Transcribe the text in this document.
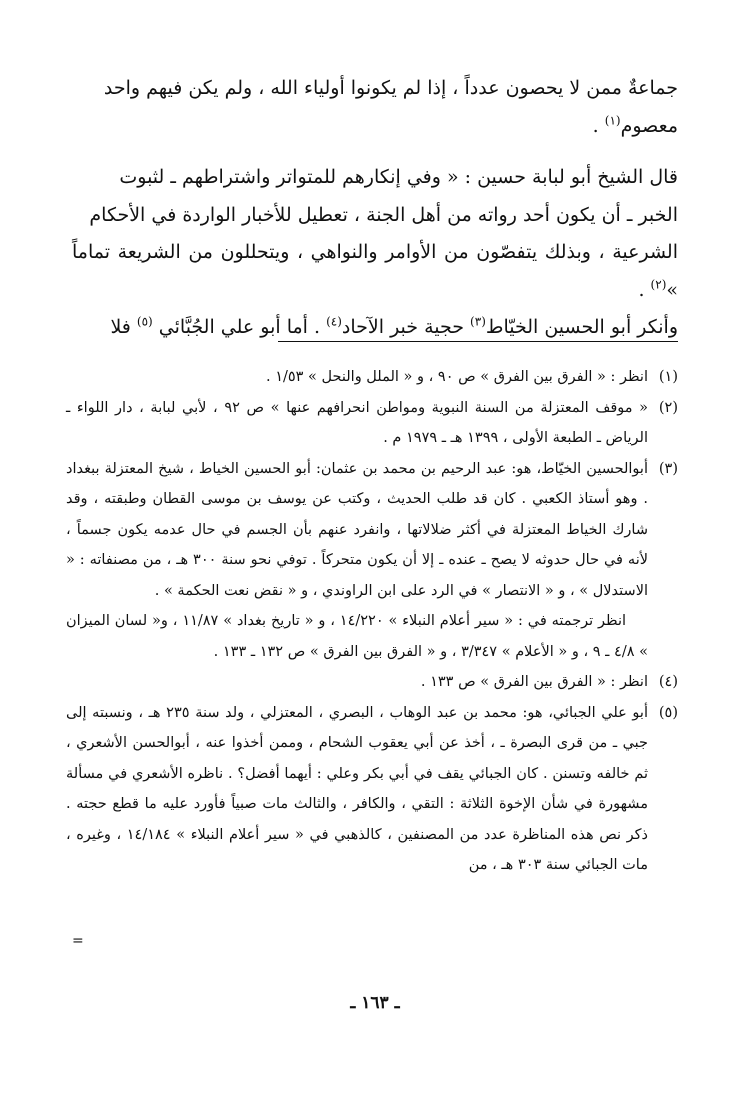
جماعةٌ ممن لا يحصون عدداً ، إذا لم يكونوا أولياء الله ، ولم يكن فيهم واحد
معصوم$^{(١)}$ .

قال الشيخ أبو لبابة حسين : « وفي إنكارهم للمتواتر واشتراطهم ـ لثبوت
الخبر ـ أن يكون أحد رواته من أهل الجنة ، تعطيل للأخبار الواردة في الأحكام
الشرعية ، وبذلك يتفصّون من الأوامر والنواهي ، ويتحللون من الشريعة تماماً »$^{(٢)}$ .

وأنكر أبو الحسين الخيّاط$^{(٣)}$ حجية خبر الآحاد$^{(٤)}$ . أما أبو علي الجُبَّائي $^{(٥)}$ فلا

(١)

انظر : « الفرق بين الفرق » ص ٩٠ ، و « الملل والنحل » ١/٥٣ .

(٢)

« موقف المعتزلة من السنة النبوية ومواطن انحرافهم عنها » ص ٩٢ ، لأبي لبابة ، دار اللواء ـ الرياض ـ الطبعة الأولى ، ١٣٩٩ هـ ـ ١٩٧٩ م .

(٣)

أبوالحسين الخيّاط، هو: عبد الرحيم بن محمد بن عثمان: أبو الحسين الخياط ، شيخ المعتزلة ببغداد . وهو أستاذ الكعبي . كان قد طلب الحديث ، وكتب عن يوسف بن موسى القطان وطبقته ، وقد شارك الخياط المعتزلة في أكثر ضلالاتها ، وانفرد عنهم بأن الجسم في حال عدمه يكون جسماً ، لأنه في حال حدوثه لا يصح ـ عنده ـ إلا أن يكون متحركاً . توفي نحو سنة ٣٠٠ هـ ، من مصنفاته : « الاستدلال » ، و « الانتصار » في الرد على ابن الراوندي ، و « نقض نعت الحكمة » .

انظر ترجمته في : « سير أعلام النبلاء » ١٤/٢٢٠ ، و « تاريخ بغداد » ١١/٨٧ ، و« لسان الميزان » ٤/٨ ـ ٩ ، و « الأعلام » ٣/٣٤٧ ، و « الفرق بين الفرق » ص ١٣٢ ـ ١٣٣ .

(٤)

انظر : « الفرق بين الفرق » ص ١٣٣ .

(٥)

أبو علي الجبائي، هو: محمد بن عبد الوهاب ، البصري ، المعتزلي ، ولد سنة ٢٣٥ هـ ، ونسبته إلى جبي ـ من قرى البصرة ـ ، أخذ عن أبي يعقوب الشحام ، وممن أخذوا عنه ، أبوالحسن الأشعري ، ثم خالفه وتسنن . كان الجبائي يقف في أبي بكر وعلي : أيهما أفضل؟ . ناظره الأشعري في مسألة مشهورة في شأن الإخوة الثلاثة : التقي ، والكافر ، والثالث مات صبياً فأورد عليه ما قطع حجته . ذكر نص هذه المناظرة عدد من المصنفين ، كالذهبي في « سير أعلام النبلاء » ١٤/١٨٤ ، وغيره ، مات الجبائي سنة ٣٠٣ هـ ، من

=
ـ ١٦٣ ـ
